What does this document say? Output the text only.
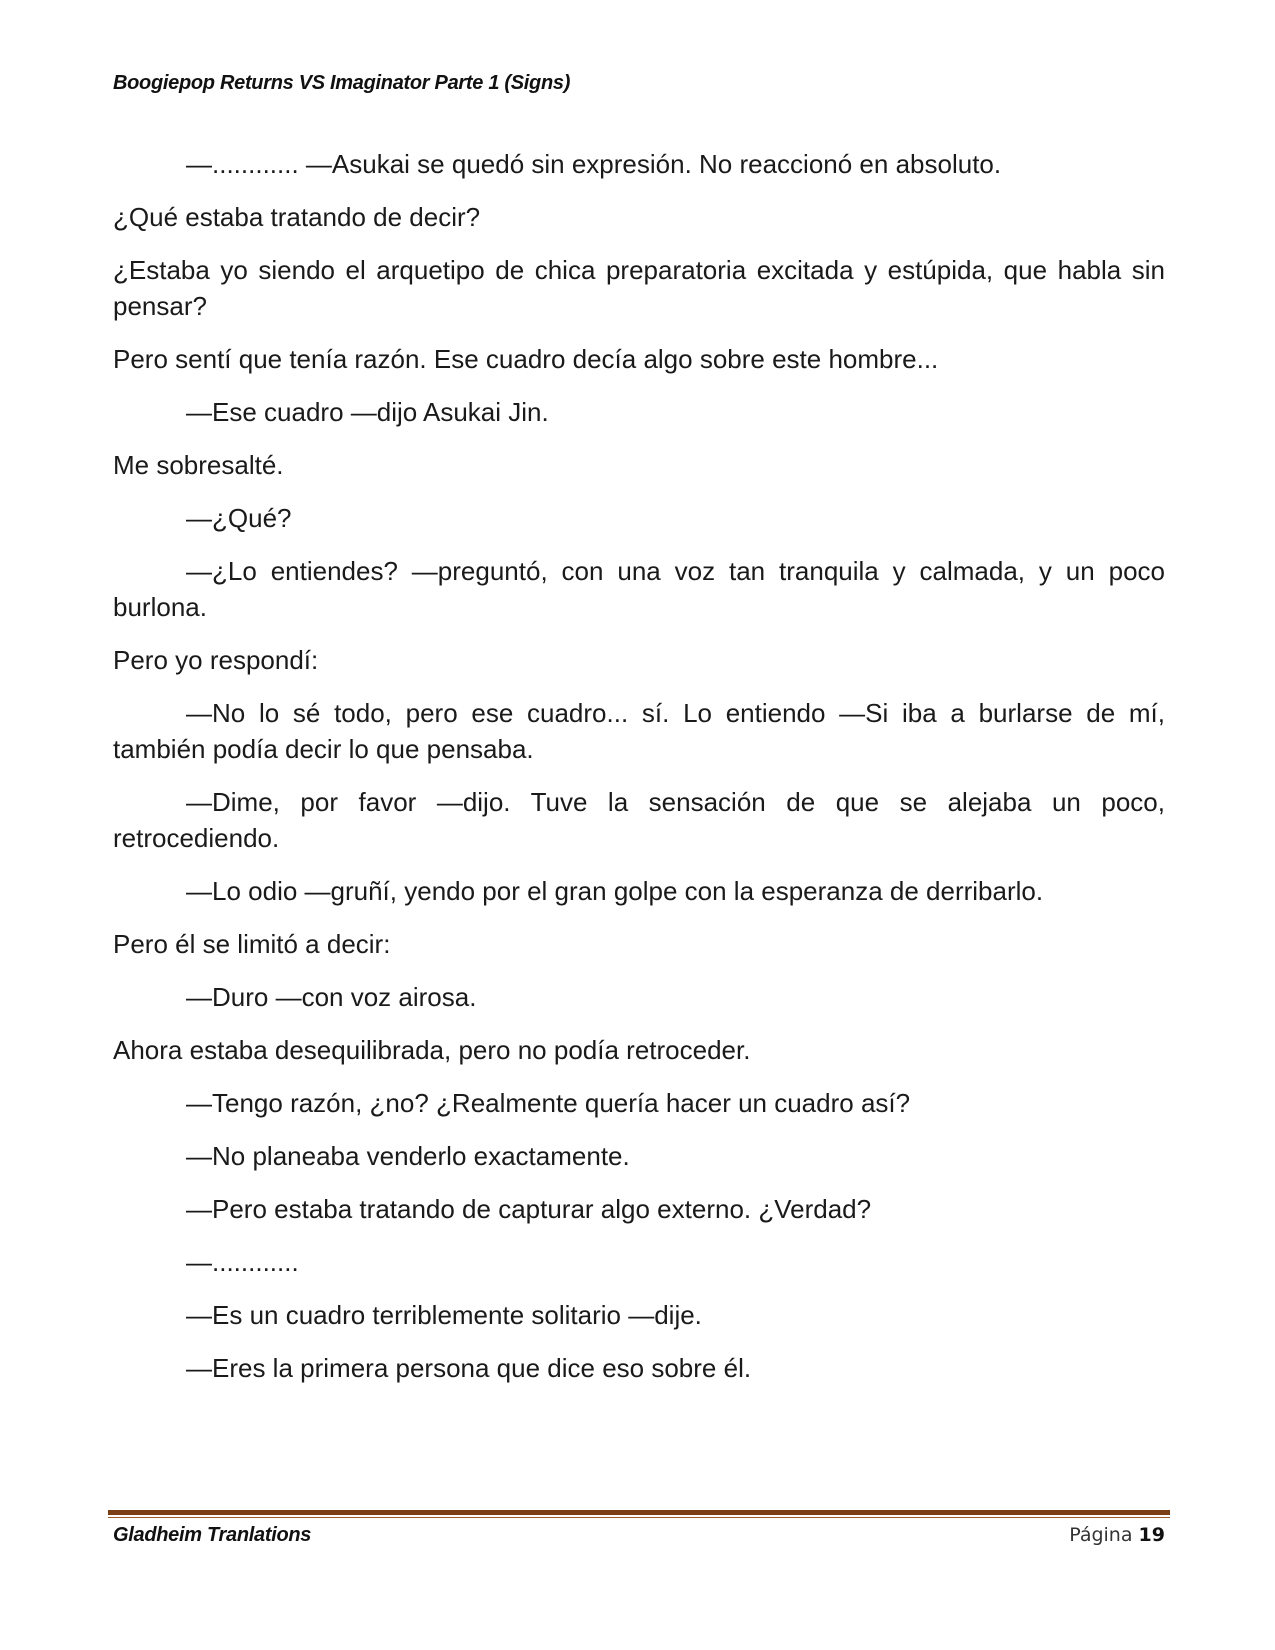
Boogiepop Returns VS Imaginator Parte 1 (Signs)

—............ —Asukai se quedó sin expresión. No reaccionó en absoluto.

¿Qué estaba tratando de decir?

¿Estaba yo siendo el arquetipo de chica preparatoria excitada y estúpida, que habla sin pensar?

Pero sentí que tenía razón. Ese cuadro decía algo sobre este hombre...

—Ese cuadro —dijo Asukai Jin.

Me sobresalté.

—¿Qué?

—¿Lo entiendes? —preguntó, con una voz tan tranquila y calmada, y un poco burlona.

Pero yo respondí:

—No lo sé todo, pero ese cuadro... sí. Lo entiendo —Si iba a burlarse de mí, también podía decir lo que pensaba.

—Dime, por favor —dijo. Tuve la sensación de que se alejaba un poco, retrocediendo.

—Lo odio —gruñí, yendo por el gran golpe con la esperanza de derribarlo.

Pero él se limitó a decir:

—Duro —con voz airosa.

Ahora estaba desequilibrada, pero no podía retroceder.

—Tengo razón, ¿no? ¿Realmente quería hacer un cuadro así?

—No planeaba venderlo exactamente.

—Pero estaba tratando de capturar algo externo. ¿Verdad?

—............

—Es un cuadro terriblemente solitario —dije.

—Eres la primera persona que dice eso sobre él.

Gladheim Tranlations	Página 19
